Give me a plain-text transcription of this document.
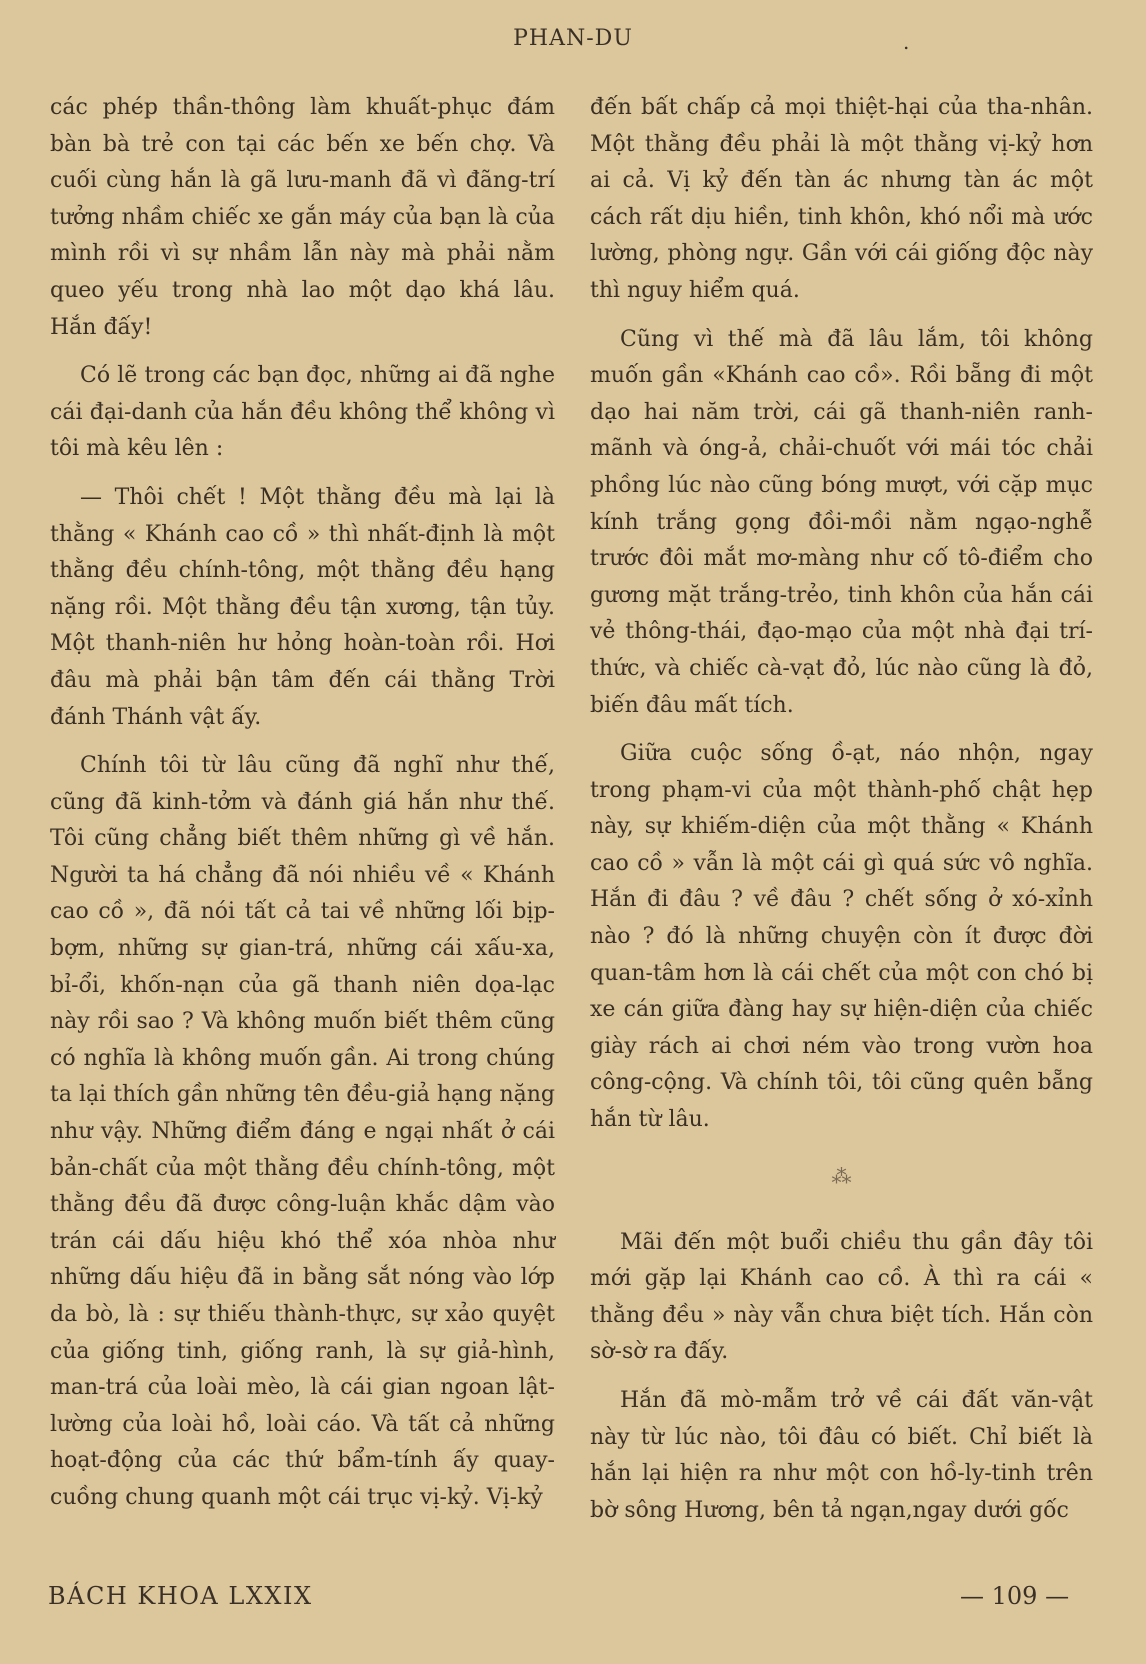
PHAN-DU	.

các phép thần-thông làm khuất-phục đám bàn bà trẻ con tại các bến xe bến chợ. Và cuối cùng hắn là gã lưu-manh đã vì đãng-trí tưởng nhầm chiếc xe gắn máy của bạn là của mình rồi vì sự nhầm lẫn này mà phải nằm queo yếu trong nhà lao một dạo khá lâu. Hắn đấy!

Có lẽ trong các bạn đọc, những ai đã nghe cái đại-danh của hắn đều không thể không vì tôi mà kêu lên :

— Thôi chết ! Một thằng đều mà lại là thằng « Khánh cao cồ » thì nhất-định là một thằng đều chính-tông, một thằng đều hạng nặng rồi. Một thằng đều tận xương, tận tủy. Một thanh-niên hư hỏng hoàn-toàn rồi. Hơi đâu mà phải bận tâm đến cái thằng Trời đánh Thánh vật ấy.

Chính tôi từ lâu cũng đã nghĩ như thế, cũng đã kinh-tởm và đánh giá hắn như thế. Tôi cũng chẳng biết thêm những gì về hắn. Người ta há chẳng đã nói nhiều về « Khánh cao cồ », đã nói tất cả tai về những lối bịp-bợm, những sự gian-trá, những cái xấu-xa, bỉ-ổi, khốn-nạn của gã thanh niên dọa-lạc này rồi sao ? Và không muốn biết thêm cũng có nghĩa là không muốn gần. Ai trong chúng ta lại thích gần những tên đều-giả hạng nặng như vậy. Những điểm đáng e ngại nhất ở cái bản-chất của một thằng đều chính-tông, một thằng đều đã được công-luận khắc dậm vào trán cái dấu hiệu khó thể xóa nhòa như những dấu hiệu đã in bằng sắt nóng vào lớp da bò, là : sự thiếu thành-thực, sự xảo quyệt của giống tinh, giống ranh, là sự giả-hình, man-trá của loài mèo, là cái gian ngoan lật-lường của loài hồ, loài cáo. Và tất cả những hoạt-động của các thứ bẩm-tính ấy quay-cuồng chung quanh một cái trục vị-kỷ. Vị-kỷ

đến bất chấp cả mọi thiệt-hại của tha-nhân. Một thằng đều phải là một thằng vị-kỷ hơn ai cả. Vị kỷ đến tàn ác nhưng tàn ác một cách rất dịu hiền, tinh khôn, khó nổi mà ước lường, phòng ngự. Gần với cái giống độc này thì nguy hiểm quá.

Cũng vì thế mà đã lâu lắm, tôi không muốn gần «Khánh cao cồ». Rồi bẵng đi một dạo hai năm trời, cái gã thanh-niên ranh-mãnh và óng-ả, chải-chuốt với mái tóc chải phồng lúc nào cũng bóng mượt, với cặp mục kính trắng gọng đồi-mồi nằm ngạo-nghễ trước đôi mắt mơ-màng như cố tô-điểm cho gương mặt trắng-trẻo, tinh khôn của hắn cái vẻ thông-thái, đạo-mạo của một nhà đại trí-thức, và chiếc cà-vạt đỏ, lúc nào cũng là đỏ, biến đâu mất tích.

Giữa cuộc sống ồ-ạt, náo nhộn, ngay trong phạm-vi của một thành-phố chật hẹp này, sự khiếm-diện của một thằng « Khánh cao cồ » vẫn là một cái gì quá sức vô nghĩa. Hắn đi đâu ? về đâu ? chết sống ở xó-xỉnh nào ? đó là những chuyện còn ít được đời quan-tâm hơn là cái chết của một con chó bị xe cán giữa đàng hay sự hiện-diện của chiếc giày rách ai chơi ném vào trong vườn hoa công-cộng. Và chính tôi, tôi cũng quên bẵng hắn từ lâu.

⁂

Mãi đến một buổi chiều thu gần đây tôi mới gặp lại Khánh cao cồ. À thì ra cái « thằng đều » này vẫn chưa biệt tích. Hắn còn sờ-sờ ra đấy.

Hắn đã mò-mẫm trở về cái đất văn-vật này từ lúc nào, tôi đâu có biết. Chỉ biết là hắn lại hiện ra như một con hồ-ly-tinh trên bờ sông Hương, bên tả ngạn,ngay dưới gốc

BÁCH KHOA LXXIX	— 109 —
